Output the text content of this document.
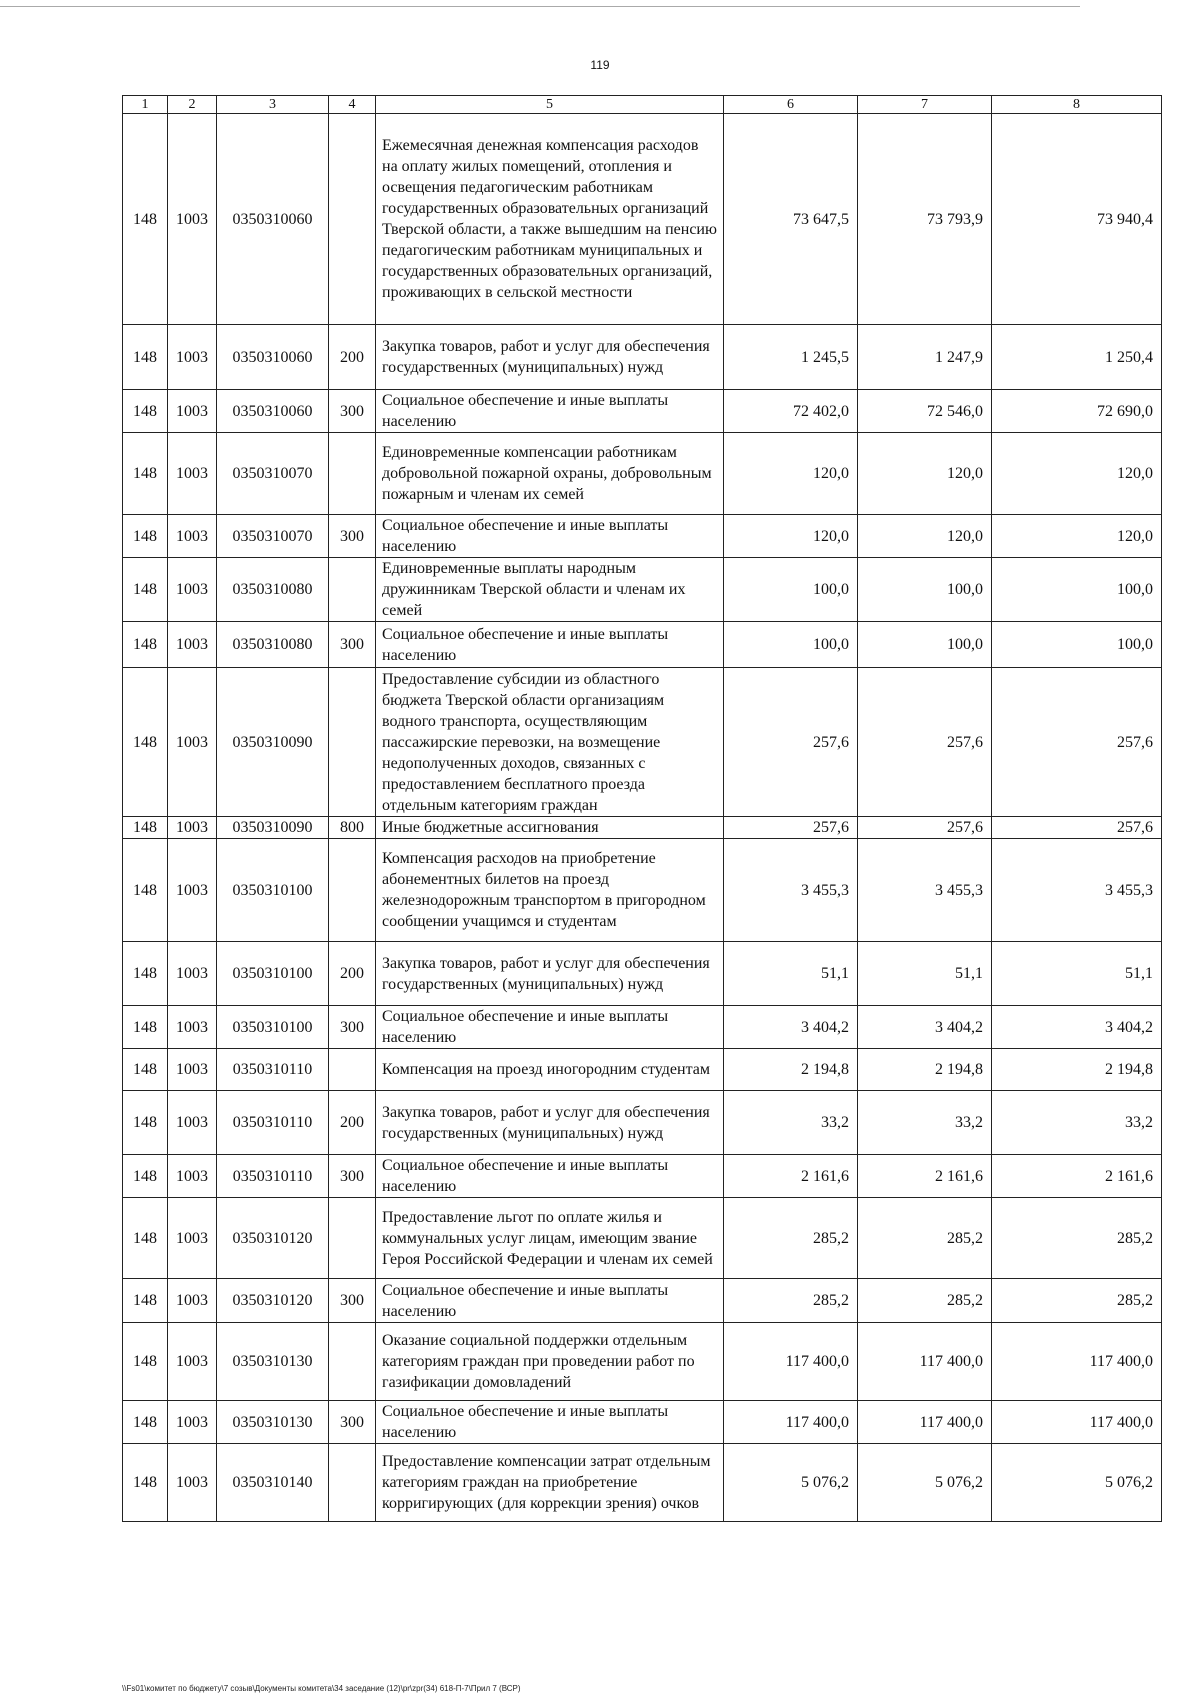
119
1	2	3	4	5	6	7	8
148	1003	0350310060		Ежемесячная денежная компенсация расходов на оплату жилых помещений, отопления и освещения педагогическим работникам государственных образовательных организаций Тверской области, а также вышедшим на пенсию педагогическим работникам муниципальных и государственных образовательных организаций, проживающих в сельской местности	73 647,5	73 793,9	73 940,4
148	1003	0350310060	200	Закупка товаров, работ и услуг для обеспечения государственных (муниципальных) нужд	1 245,5	1 247,9	1 250,4
148	1003	0350310060	300	Социальное обеспечение и иные выплаты населению	72 402,0	72 546,0	72 690,0
148	1003	0350310070		Единовременные компенсации работникам добровольной пожарной охраны, добровольным пожарным и членам их семей	120,0	120,0	120,0
148	1003	0350310070	300	Социальное обеспечение и иные выплаты населению	120,0	120,0	120,0
148	1003	0350310080		Единовременные выплаты народным дружинникам Тверской области и членам их семей	100,0	100,0	100,0
148	1003	0350310080	300	Социальное обеспечение и иные выплаты населению	100,0	100,0	100,0
148	1003	0350310090		Предоставление субсидии из областного бюджета Тверской области организациям водного транспорта, осуществляющим пассажирские перевозки, на возмещение недополученных доходов, связанных с предоставлением бесплатного проезда отдельным категориям граждан	257,6	257,6	257,6
148	1003	0350310090	800	Иные бюджетные ассигнования	257,6	257,6	257,6
148	1003	0350310100		Компенсация расходов на приобретение абонементных билетов на проезд железнодорожным транспортом в пригородном сообщении учащимся и студентам	3 455,3	3 455,3	3 455,3
148	1003	0350310100	200	Закупка товаров, работ и услуг для обеспечения государственных (муниципальных) нужд	51,1	51,1	51,1
148	1003	0350310100	300	Социальное обеспечение и иные выплаты населению	3 404,2	3 404,2	3 404,2
148	1003	0350310110		Компенсация на проезд иногородним студентам	2 194,8	2 194,8	2 194,8
148	1003	0350310110	200	Закупка товаров, работ и услуг для обеспечения государственных (муниципальных) нужд	33,2	33,2	33,2
148	1003	0350310110	300	Социальное обеспечение и иные выплаты населению	2 161,6	2 161,6	2 161,6
148	1003	0350310120		Предоставление льгот по оплате жилья и коммунальных услуг лицам, имеющим звание Героя Российской Федерации и членам их семей	285,2	285,2	285,2
148	1003	0350310120	300	Социальное обеспечение и иные выплаты населению	285,2	285,2	285,2
148	1003	0350310130		Оказание социальной поддержки отдельным категориям граждан при проведении работ по газификации домовладений	117 400,0	117 400,0	117 400,0
148	1003	0350310130	300	Социальное обеспечение и иные выплаты населению	117 400,0	117 400,0	117 400,0
148	1003	0350310140		Предоставление компенсации затрат отдельным категориям граждан на приобретение корригирующих (для коррекции зрения) очков	5 076,2	5 076,2	5 076,2
\\Fs01\комитет по бюджету\7 созыв\Документы комитета\34 заседание (12)\pr\zpr(34) 618-П-7\Прил 7 (ВСР)
